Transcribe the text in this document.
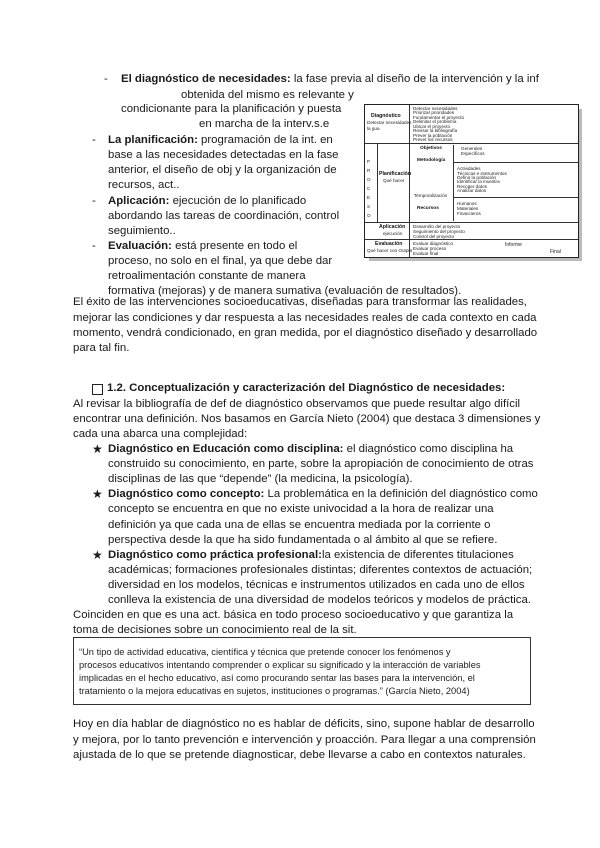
- El diagnóstico de necesidades: la fase previa al diseño de la intervención y la inf
obtenida del mismo es relevante y
condicionante para la planificación y puesta
en marcha de la interv.s.e
- La planificación: programación de la int. en
base a las necesidades detectadas en la fase
anterior, el diseño de obj y la organización de
recursos, act..
- Aplicación: ejecución de lo planificado
abordando las tareas de coordinación, control
seguimiento..
- Evaluación: está presente en todo el
proceso, no solo en el final, ya que debe dar
retroalimentación constante de manera
formativa (mejoras) y de manera sumativa (evaluación de resultados).
Diagnóstico
Detectar necesidades
la gua
Detectar necesidades
Priorizar prioridades
Fundamentar el proyecto
Delimitar el problema
Ubicar el proyecto
Revisar la bibliografía
Prever la población
Prever los recursos
P R O C E S O
Planificación
Qué hacer
Objetivos	Generales
Específicos
Metodología
Actividades
Técnicas e instrumentos
Definir la población
Identificar la muestra
Recoger datos
Analizar datos
Temporalización
Recursos
Humanos
Materiales
Financieros
Aplicación
ejecución
Desarrollo del proyecto
Seguimiento del proyecto
Control del proyecto
Evaluación
Qué hacer con Output
Evaluar diagnóstico
Evaluar proceso
Evaluar final
Informe
Final
El éxito de las intervenciones socioeducativas, diseñadas para transformar las realidades,
mejorar las condiciones y dar respuesta a las necesidades reales de cada contexto en cada
momento, vendrá condicionado, en gran medida, por el diagnóstico diseñado y desarrollado
para tal fin.
1.2. Conceptualización y caracterización del Diagnóstico de necesidades:
Al revisar la bibliografía de def de diagnóstico observamos que puede resultar algo difícil
encontrar una definición. Nos basamos en García Nieto (2004) que destaca 3 dimensiones y
cada una abarca una complejidad:
★ Diagnóstico en Educación como disciplina: el diagnóstico como disciplina ha
construido su conocimiento, en parte, sobre la apropiación de conocimiento de otras
disciplinas de las que “depende” (la medicina, la psicología).
★ Diagnóstico como concepto: La problemática en la definición del diagnóstico como
concepto se encuentra en que no existe univocidad a la hora de realizar una
definición ya que cada una de ellas se encuentra mediada por la corriente o
perspectiva desde la que ha sido fundamentada o al ámbito al que se refiere.
★ Diagnóstico como práctica profesional:la existencia de diferentes titulaciones
académicas; formaciones profesionales distintas; diferentes contextos de actuación;
diversidad en los modelos, técnicas e instrumentos utilizados en cada uno de ellos
conlleva la existencia de una diversidad de modelos teóricos y modelos de práctica.
Coinciden en que es una act. básica en todo proceso socioeducativo y que garantiza la
toma de decisiones sobre un conocimiento real de la sit.
“Un tipo de actividad educativa, científica y técnica que pretende conocer los fenómenos y
procesos educativos intentando comprender o explicar su significado y la interacción de variables
implicadas en el hecho educativo, así como procurando sentar las bases para la intervención, el
tratamiento o la mejora educativas en sujetos, instituciones o programas.” (García Nieto, 2004)
Hoy en día hablar de diagnóstico no es hablar de déficits, sino, supone hablar de desarrollo
y mejora, por lo tanto prevención e intervención y proacción. Para llegar a una comprensión
ajustada de lo que se pretende diagnosticar, debe llevarse a cabo en contextos naturales.
